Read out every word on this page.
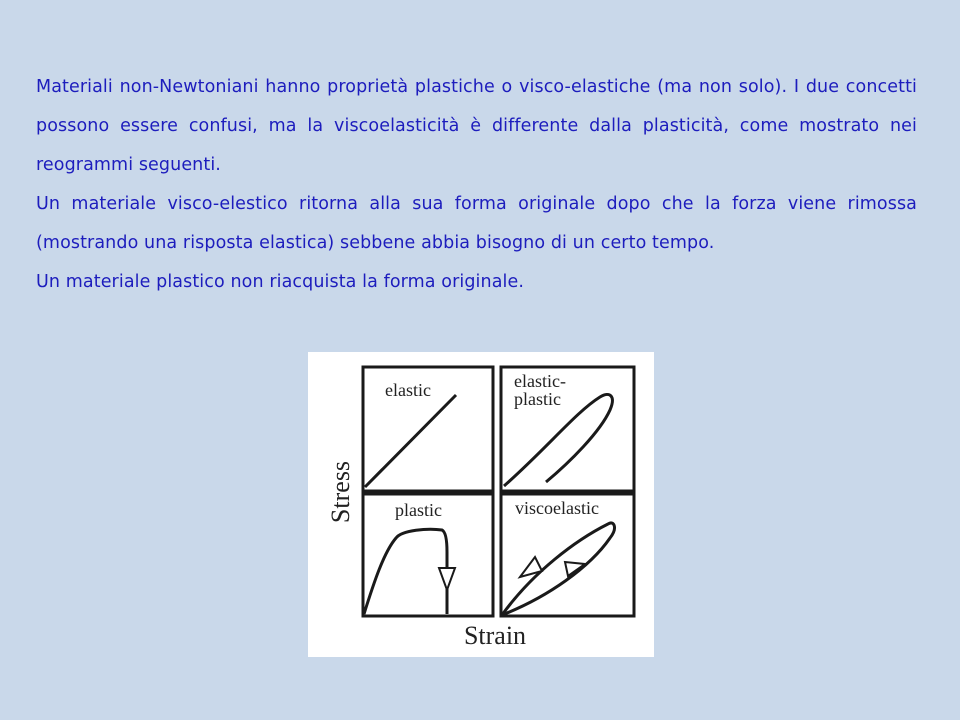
Materiali non-Newtoniani hanno proprietà plastiche o visco-elastiche (ma non solo). I due concetti possono essere confusi, ma la viscoelasticità è differente dalla plasticità, come mostrato nei reogrammi seguenti.

Un materiale visco-elestico ritorna alla sua forma originale dopo che la forza viene rimossa (mostrando una risposta elastica) sebbene abbia bisogno di un certo tempo.

Un materiale plastico non riacquista la forma originale.

elastic	elastic-
plastic
plastic	viscoelastic
Stress
Strain
